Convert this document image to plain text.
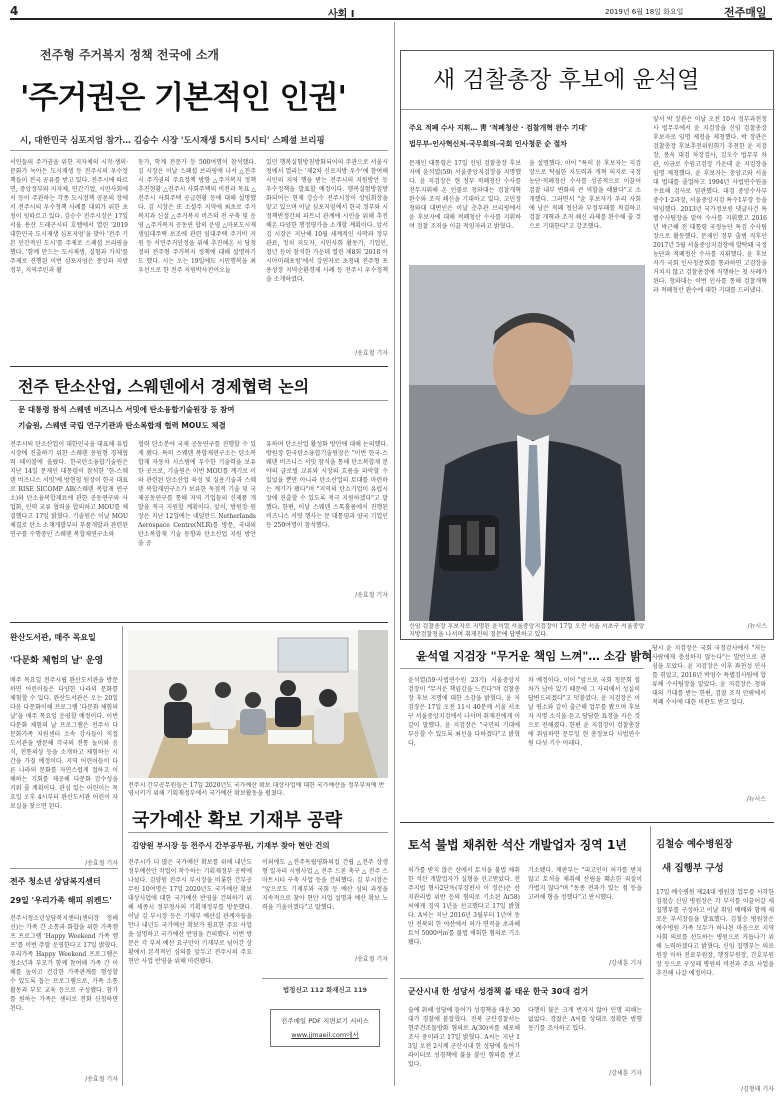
4	사회 Ⅰ	2019년 6월 18일 화요일	전주매일
전주형 주거복지 정책 전국에 소개
'주거권은 기본적인 인권'
시, 대한민국 심포지엄 참가… 김승수 시장 '도시재생 5시티 5시티' 스페셜 브리핑
서민들의 주거권을 위한 지자체의 시작·생의·문화가 녹아든 도시재생 등 전주시의 우수정책들이 전국 공유를 받고 있다. 전주시에 따르면, 중앙정부와 지자체, 민간기업, 시민사회에서 등이 주관하는 각종 도시정책 공론의 장에서 전주시의 우수정책 사례를 대외가 위한 초청이 잇따르고 있다. 김승수 전주시장은 17일 서울 용산 드래곤시티 호텔에서 열린 '2019 대한민국 도시재생 심포지엄'을 맞아 '전주 기본 인간적인 도시'를 주제로 스페셜 브리핑을 했다. '함께 만드는 도시재생, 실험과 가치'를 주제로 진행된 이번 심포지엄은 중앙과 지방 정부, 지역주민과 활
동가, 학계 전문가 등 500여명이 참석했다. 김 시장은 이날 스페셜 브리핑에 나서 △전주시 주거권의 주요정책 방향 △주거복지 정책 추진현황 △전주시 사회주택의 비전과 목표 △전주시 사회주택 공급현황 등에 대해 설명했다. 김 시장은 또 소셜주 지역에 최초로 주거복지과 신설 △주거복지 비즈의 전 구축 및 운영 △주거복지 공동연 합의 운영 △마포도시재생임대주택 보조에 관련 임대주택 주거비 지원 등 서민주거안정을 위해 추진해온 시 당청정의 전주형 주거복지 정책에 대해 설명하기도 했다. 시는 오는 19일에도 시민행복을 최우선으로 한 전주 지원박사전이오늘
있던 행복실험방침방화되어의 주관으로 서울시청에서 열리는 '제2차 신로지방 우수'에 참여해 시민의 지역 행을 받는 전주시의 지원방안 등 우수정책을 발표할 예정이다. 행복실험방침방화되어는 현재 강승수 전주시장이 상임회장을 맡고 있으며 이날 심포지엄에서 한국 정부와 시 정책반정간의 파트너 관계에 시민을 위해 추진해온 다양한 행정평가을 소개할 계획이다. 앞서 김 시장은 지난해 10월 세계적인 사막과 정부 관료, 정치 지도자, 시민사회 활동가, 기업인, 청년 등이 참석한 가운데 열린 제8회 '2018 아시아미래포럼'에서 강연자로 초청돼 전주형 포용성장 지역순환경제 사례 등 전주시 우수정책을 소개하였다.
/송효철 기자
전주 탄소산업, 스웨덴에서 경제협력 논의
문 대통령 참석 스웨덴 비즈니스 서밋에 탄소융합기술원장 등 참여
기술원, 스웨덴 국립 연구기관과 탄소복합재 협력 MOU도 체결
전주시의 탄소산업이 대한민국을 대표해 유럽시장에 진출하기 위한 스웨덴 동원형 경제협력 테이블에 올랐다. 한국탄소융합기술원은 지난 14일 문재인 대통령이 참석한 '한-스웨덴 비즈니스 서밋'에 방현철 원장이 한국 대표로 RISE SICOMP AB(스웨덴 복합재 연구소)와 탄소융복합재료에 관한 공동연구와 사업화, 인력 교류 협력을 합의하고 MOU를 체결했다고 17일 밝혔다. 기술원은 이날 MOU체결로 탄소 소재개발부터 부품개발과 관련된 연구를 수행중인 스웨덴 복합재연구소와
협력 탄소분야 국제 공동연구를 진행할 수 있게 됐다. 특히 스웨덴 복합재연구소는 탄소복합재 자동차 시스템에 우수한 기술력을 보유한 곳으로, 기술원은 이번 MOU를 계기로 이와 관련된 탄소산업 육성 및 실용기술과 스웨덴 복합재연구소가 보유한 독점적 기술 및 국제공동연구를 통해 지역 기업들의 신제품 개발을 적극 지원할 계획이다. 앞서, 방원장 원장은 지난 12일에는 네덜란드 Netherlands Aerospace Centre(NLR)를 방문, 국내외 탄소복합재 기술 동향과 탄소산업 지원 방안을 공
유하며 탄소산업 활성화 방안에 대해 논의했다. 방원장 한국탄소융합기술원장은 "이번 한국-스웨덴 비즈니스 서밋 참석을 통해 탄소복합재 분야의 글로벌 교류와 시장의 흐름을 파악할 수 있었을 뿐만 아니라 탄소산업의 토대를 마련하는 계기가 됐다"며 "지역의 탄소기업이 유럽시장에 진출할 수 있도록 적극 지원하겠다"고 말했다. 한편, 이날 스웨덴 스톡홀름에서 진행된 비즈니스 서밋 행사는 문 대통령과 양국 기업인 등 250여명이 참석했다.
/송효철 기자
완산도서관, 매주 목요일
'다문화 체험의 날' 운영
매주 목요일 전주시립 완산도서관을 방문하면 어린이들은 다양한 나라의 문화를 체험할 수 있다. 완산도서관은 오는 20일 다음 다문화이해 프로그램 '다문화 체험의 날'을 매주 목요일 운영할 예정이다. 이번 다문화 체험의 날 프로그램은 전주시 다문화가족 지원센터 소속 강사들이 직접 도서관을 방문해 각국의 전통 놀이와 음식, 전통의상 등을 소개하고 체험하는 시간을 가질 예정이다. 지역 어린이들이 다른 나라의 문화를 자연스럽게 접하고 이해하는 기회를 제공해 다문화 감수성을 키워 줄 계획이다. 관심 있는 어린이는 목요일 오후 4시부터 완산도서관 어린이 자료실을 찾으면 된다.
/송효철 기자
전주 청소년 상담복지센터
29일 '우리가족 해피 위켄드'
전주시청소년상담복지센터(센터장 정해선)는 가족 간 소통과 화합을 위한 가족캠프 프로그램 'Happy Weekend 가족 캠프'를 이번 주말 운영한다고 17일 밝혔다. 우리가족 Happy Weekend 프로그램은 청소년과 부모가 함께 참여해 가족 간 이해를 높이고 건강한 가족관계를 형성할 수 있도록 돕는 프로그램으로, 가족 소통 활동과 부모 교육 등으로 구성됐다. 참가를 원하는 가족은 센터로 전화 신청하면 된다.
/송효철 기자
전주시 간부공무원들은 17일 2020년도 국가예산 확보 대상사업에 대한 국가예산을 정부부처에 반영시키기 위해 기획재정부에서 국가예산 확보활동을 펼쳤다.
국가예산 확보 기재부 공략
김양원 부시장 등 전주시 간부공무원, 기재부 찾아 현안 건의
전주시가 더 많은 국가예산 확보를 위해 내년도 정부예산안 작업이 착수하는 기획재정부 공략에 나섰다. 김양원 전주시 부시장을 비롯한 간부공무원 10여명은 17일 2020년도 국가예산 확보 대상사업에 대한 국가예산 반영을 건의하기 위해 세종시 정부청사의 기획재정부를 방문했다. 이날 김 부시장 등은 기재부 예산실 관계자들을 만나 내년도 국가예산 확보가 필요한 주요 사업을 설명하고 국가예산 반영을 건의했다. 이번 방문은 각 부처 예산 요구안이 기재부로 넘어간 상황에서 본격적인 심의를 앞두고 전주시의 주요 현안 사업 반영을 위해 마련됐다.
이외에도 △전주독립영화의집 건립 △전주 상생형 일자리 시범사업 △ 전주 드론 축구 △ 전주 스마트시티 구축 사업 등을 건의했다. 김 부시장은 "앞으로도 기재부와 국회 등 예산 심의 과정을 지속적으로 찾아 현안 사업 설명과 예산 확보 노력을 기울이겠다"고 말했다.
/송효철 기자
법정신고 112 화재신고 119
전주매일 PDF 지면보기 서비스
www.jjmaeil.com에서
새 검찰총장 후보에 윤석열
주요 적폐 수사 지휘… 靑 '적폐청산 · 검찰개혁 완수 기대'
법무부-인사혁신처-국무회의-국회 인사청문 순 절차
문재인 대통령은 17일 신임 검찰총장 후보자에 윤석열(59) 서울중앙지검장을 지명했다. 윤 지검장은 현 정부 적폐청산 수사를 진두지휘해 온 인물로 청와대는 검찰개혁 완수와 조직 쇄신을 기대하고 있다. 고민정 청와대 대변인은 이날 춘추관 브리핑에서 윤 후보자에 대해 적폐청산 수사를 지휘하며 검찰 조직을 이끌 적임자라고 밝혔다.
을 설명했다. 이어 "특히 윤 후보자는 지검장으로 탁월한 지도력과 개혁 의지로 국정농단·적폐청산 수사를 성공적으로 이끌어 검찰 내부 변화의 큰 역할을 해왔다"고 소개했다. 그러면서 "윤 후보자가 우리 사회에 남은 적폐 청산과 부정부패를 척결하고 검찰 개혁과 조직 쇄신 과제를 완수해 줄 것으로 기대한다"고 강조했다.
앞서 박 장관은 이날 오전 10시 정부과천청사 법무부에서 윤 지검장을 신임 검찰총장 후보자로 임명 제청을 제청했다. 박 장관은 검찰총장 후보추천위원회가 추천한 윤 지검장, 봉욱 대검 차장검사, 김오수 법무부 차관, 이금로 수원고검장 가운데 윤 지검장을 임명 제청했다. 윤 후보자는 충암고와 서울대 법대를 졸업하고 1994년 사법연수원을 수료해 검사로 임관했다. 대검 중앙수사부 중수1·2과장, 서울중앙지검 특수1부장 등을 역임했다. 2013년 국가정보원 댓글사건 특별수사팀장을 맡아 수사를 지휘했고 2016년 박근혜 전 대통령 국정농단 특검 수사팀장으로 활동했다. 문재인 정부 출범 직후인 2017년 5월 서울중앙지검장에 발탁돼 국정농단과 적폐청산 수사를 지휘했다. 윤 후보자가 국회 인사청문회를 통과하면 고검장을 거치지 않고 검찰총장에 직행하는 첫 사례가 된다. 청와대는 이번 인사를 통해 검찰개혁과 적폐청산 완수에 대한 기대를 드러냈다.
/뉴시스
신임 검찰총장 후보자로 지명된 윤석열 서울중앙지검장이 17일 오전 서울 서초구 서울중앙지방검찰청을 나서며 취재진의 질문에 답변하고 있다.
윤석열 지검장 "무거운 책임 느껴"… 소감 밝혀
윤석열(59·사법연수원 23기) 서울중앙지검장이 "무거운 책임감을 느낀다"며 검찰총장 후보 지명에 대한 소감을 밝혔다. 윤 지검장은 17일 오전 11시 40분께 서울 서초구 서울중앙지검에서 나서며 취재진에게 이같이 말했다. 윤 지검장은 "국민의 기대에 부응할 수 있도록 최선을 다하겠다"고 밝혔다.
차 예정이다. 이어 "앞으로 국회 청문회 절차가 남아 있기 때문에 그 자리에서 성실히 답변드리겠다"고 덧붙였다. 윤 지검장은 이날 평소와 같이 출근해 업무를 봤으며 후보자 지명 소식을 듣고 담담한 표정을 지은 것으로 전해졌다. 한편 윤 지검장이 검찰총장에 취임하면 문무일 현 총장보다 사법연수원 다섯 기수 아래다.
당시 윤 지검장은 국회 국정감사에서 "저는 사람에게 충성하지 않는다"는 발언으로 관심을 모았다. 윤 지검장은 이후 좌천성 인사를 겪었고, 2016년 박영수 특별검사팀에 합류해 수사팀장을 맡았다. 윤 지검장은 청와대의 기대를 받는 한편, 검찰 조직 안팎에서 적폐 수사에 대한 비판도 받고 있다.
/뉴시스
토석 불법 채취한 석산 개발업자 징역 1년
허가를 받지 않은 산에서 토석을 불법 채취한 석산 개발업자가 실형을 선고받았다. 전주지법 형사2단독(부장판사 이 정은)은 산지관리법 위반 등의 혐의로 기소된 A(58)씨에게 징역 1년을 선고했다고 17일 밝혔다. A씨는 지난 2016년 3월부터 1년여 동안 전북의 한 야산에서 허가 면적을 초과해 토석 5000여㎥를 불법 채취한 혐의로 기소됐다.
기소됐다. 재판부는 "피고인이 허가를 받지 않고 토석을 채취해 산림을 훼손한 죄질이 가볍지 않다"며 "동종 전과가 있는 점 등을 고려해 형을 정했다"고 판시했다.
/강세훈 기자
군산시내 한 성당서 성경책 불 태운 한국 30대 검거
술에 취해 성당에 들어가 성경책을 태운 30대가 경찰에 붙잡혔다. 전북 군산경찰서는 현주건조물방화 혐의로 A(30)씨를 체포해 조사 중이라고 17일 밝혔다. A씨는 지난 13일 오전 2시께 군산시내 한 성당에 들어가 라이터로 성경책에 불을 붙인 혐의를 받고 있다.
다행히 불은 크게 번지지 않아 인명 피해는 없었다. 경찰은 A씨를 상대로 정확한 범행 동기를 조사하고 있다.
/강세훈 기자
김철승 예수병원장
새 집행부 구성
17일 예수병원 제24대 병원장 업무를 시작한 김철승 신임 병원장은 각 부서를 이끌어갈 새 집행부를 구성하고 이날 취임 예배와 함께 새로운 부서장들을 발표했다. 김철승 병원장은 예수병원 가족 모두가 하나된 마음으로 지역사회 의료를 선도하는 병원으로 거듭나기 위해 노력하겠다고 밝혔다. 신임 집행부는 의료원장 이하 진료부원장, 행정부원장, 간호부원장 등으로 구성돼 병원의 비전과 주요 사업을 추진해 나갈 예정이다.
/김형태 기자
